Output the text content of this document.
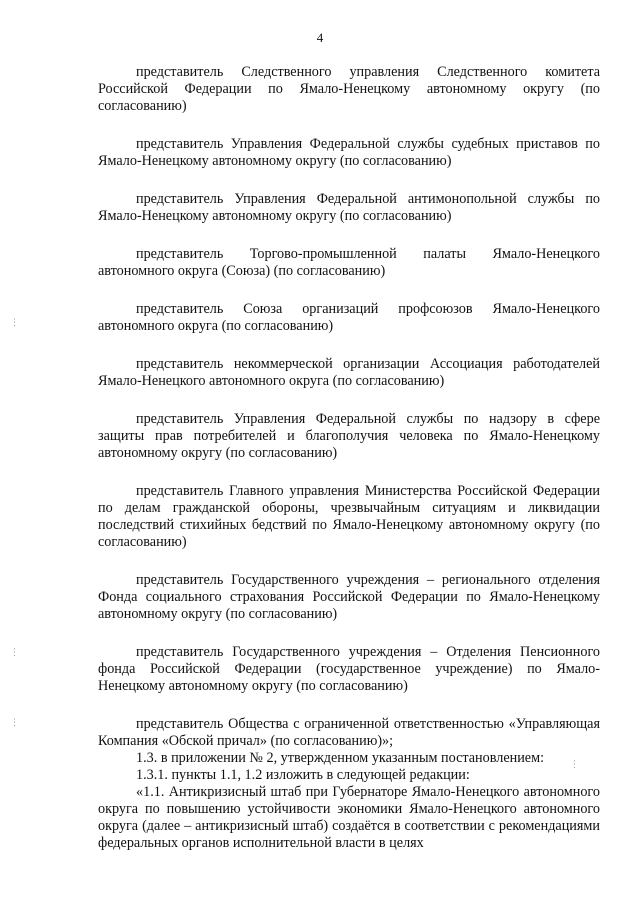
4

представитель Следственного управления Следственного комитета Российской Федерации по Ямало-Ненецкому автономному округу (по согласованию)

представитель Управления Федеральной службы судебных приставов по Ямало-Ненецкому автономному округу (по согласованию)

представитель Управления Федеральной антимонопольной службы по Ямало-Ненецкому автономному округу (по согласованию)

представитель Торгово-промышленной палаты Ямало-Ненецкого автономного округа (Союза) (по согласованию)

представитель Союза организаций профсоюзов Ямало-Ненецкого автономного округа (по согласованию)

представитель некоммерческой организации Ассоциация работодателей Ямало-Ненецкого автономного округа (по согласованию)

представитель Управления Федеральной службы по надзору в сфере защиты прав потребителей и благополучия человека по Ямало-Ненецкому автономному округу (по согласованию)

представитель Главного управления Министерства Российской Федерации по делам гражданской обороны, чрезвычайным ситуациям и ликвидации последствий стихийных бедствий по Ямало-Ненецкому автономному округу (по согласованию)

представитель Государственного учреждения – регионального отделения Фонда социального страхования Российской Федерации по Ямало-Ненецкому автономному округу (по согласованию)

представитель Государственного учреждения – Отделения Пенсионного фонда Российской Федерации (государственное учреждение) по Ямало-Ненецкому автономному округу (по согласованию)

представитель Общества с ограниченной ответственностью «Управляющая Компания «Обской причал» (по согласованию)»;

1.3. в приложении № 2, утвержденном указанным постановлением:

1.3.1. пункты 1.1, 1.2 изложить в следующей редакции:

«1.1. Антикризисный штаб при Губернаторе Ямало-Ненецкого автономного округа по повышению устойчивости экономики Ямало-Ненецкого автономного округа (далее – антикризисный штаб) создаётся в соответствии с рекомендациями федеральных органов исполнительной власти в целях

⋮
⋮
⋮
⋮
